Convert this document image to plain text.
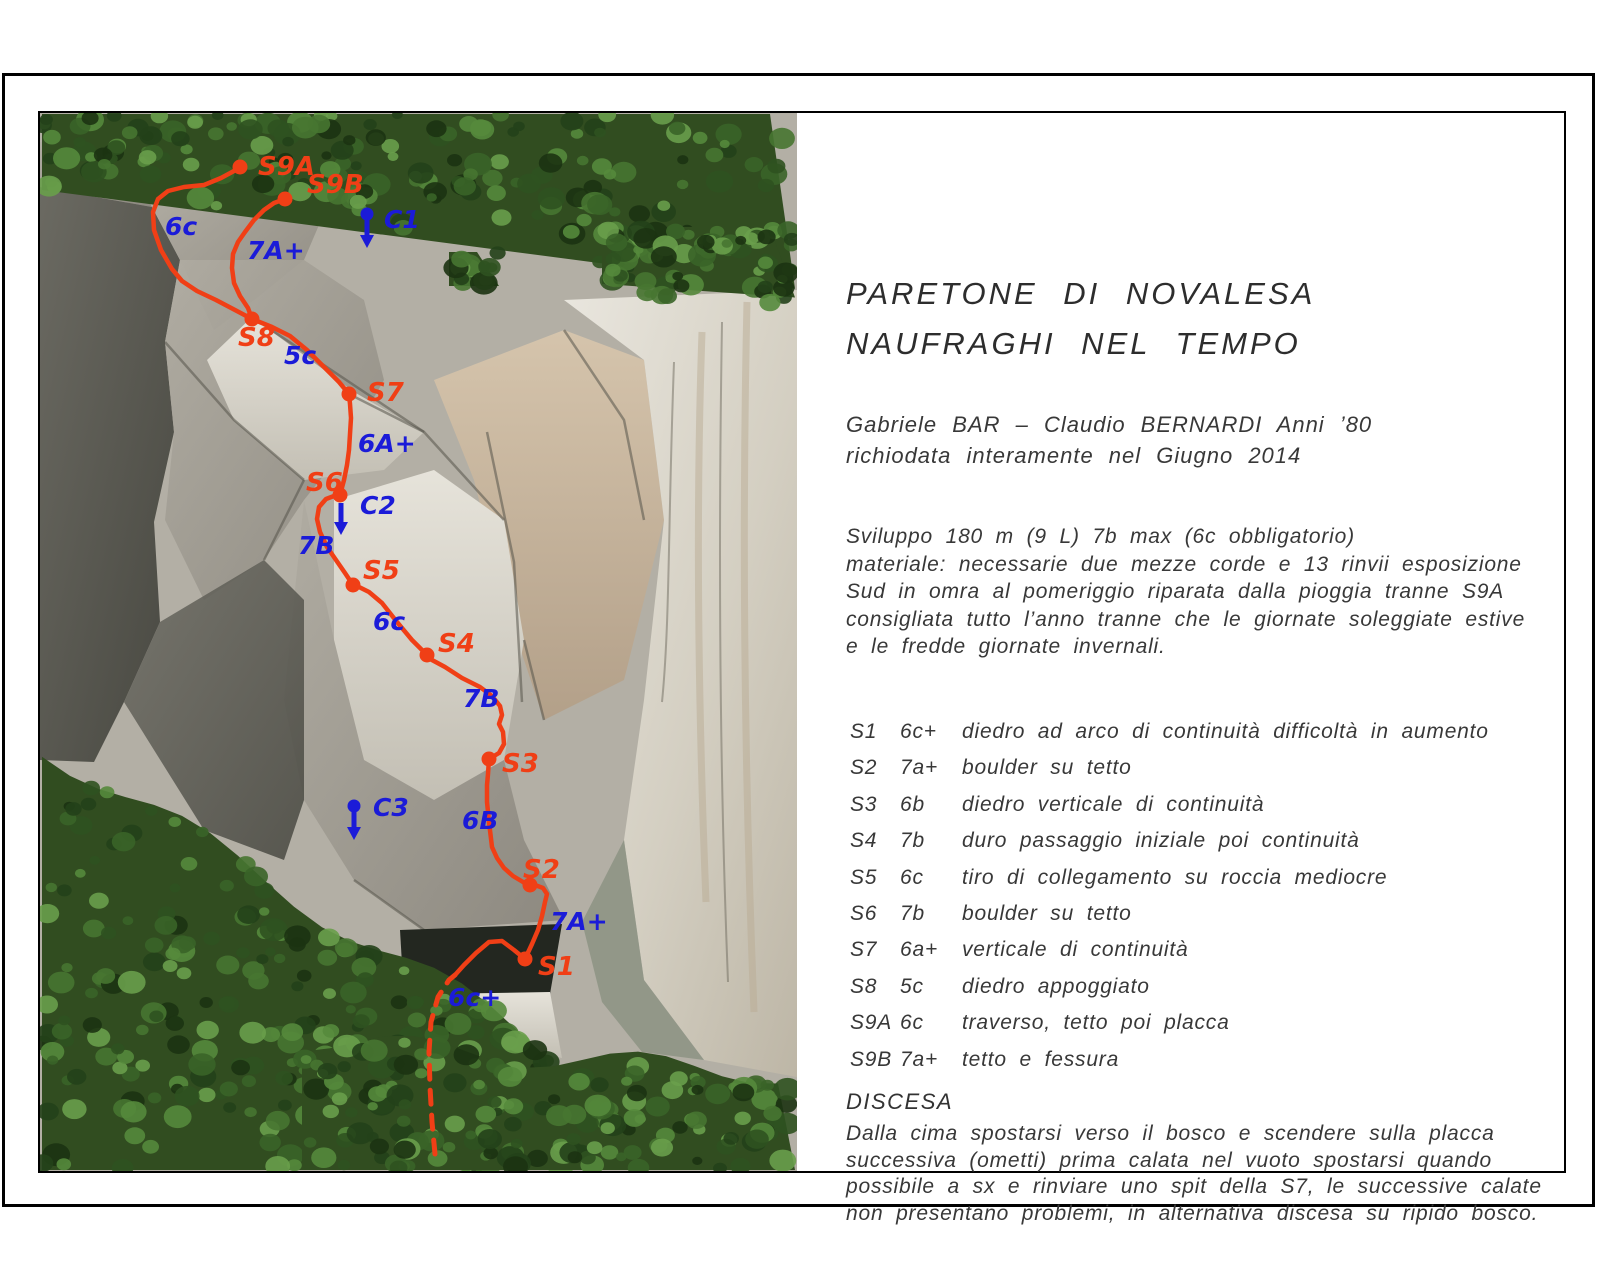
S9A
S9B
S8
S7
S6
S5
S4
S3
S2
S1
6c
7A+
5c
6A+
7B
6c
7B
6B
7A+
6c+
C1
C2
C3
PARETONE DI NOVALESA
NAUFRAGHI NEL TEMPO
Gabriele BAR – Claudio BERNARDI Anni ’80
richiodata interamente nel Giugno 2014
Sviluppo 180 m (9 L) 7b max (6c obbligatorio)
materiale: necessarie due mezze corde e 13 rinvii esposizione
Sud in omra al pomeriggio riparata dalla pioggia tranne S9A
consigliata tutto l’anno tranne che le giornate soleggiate estive
e le fredde giornate invernali.
S1	6c+	diedro ad arco di continuità difficoltà in aumento
S2	7a+	boulder su tetto
S3	6b	diedro verticale di continuità
S4	7b	duro passaggio iniziale poi continuità
S5	6c	tiro di collegamento su roccia mediocre
S6	7b	boulder su tetto
S7	6a+	verticale di continuità
S8	5c	diedro appoggiato
S9A 6c	traverso, tetto poi placca
S9B 7a+	tetto e fessura
DISCESA
Dalla cima spostarsi verso il bosco e scendere sulla placca
successiva (ometti) prima calata nel vuoto spostarsi quando
possibile a sx e rinviare uno spit della S7, le successive calate
non presentano problemi, in alternativa discesa su ripido bosco.
